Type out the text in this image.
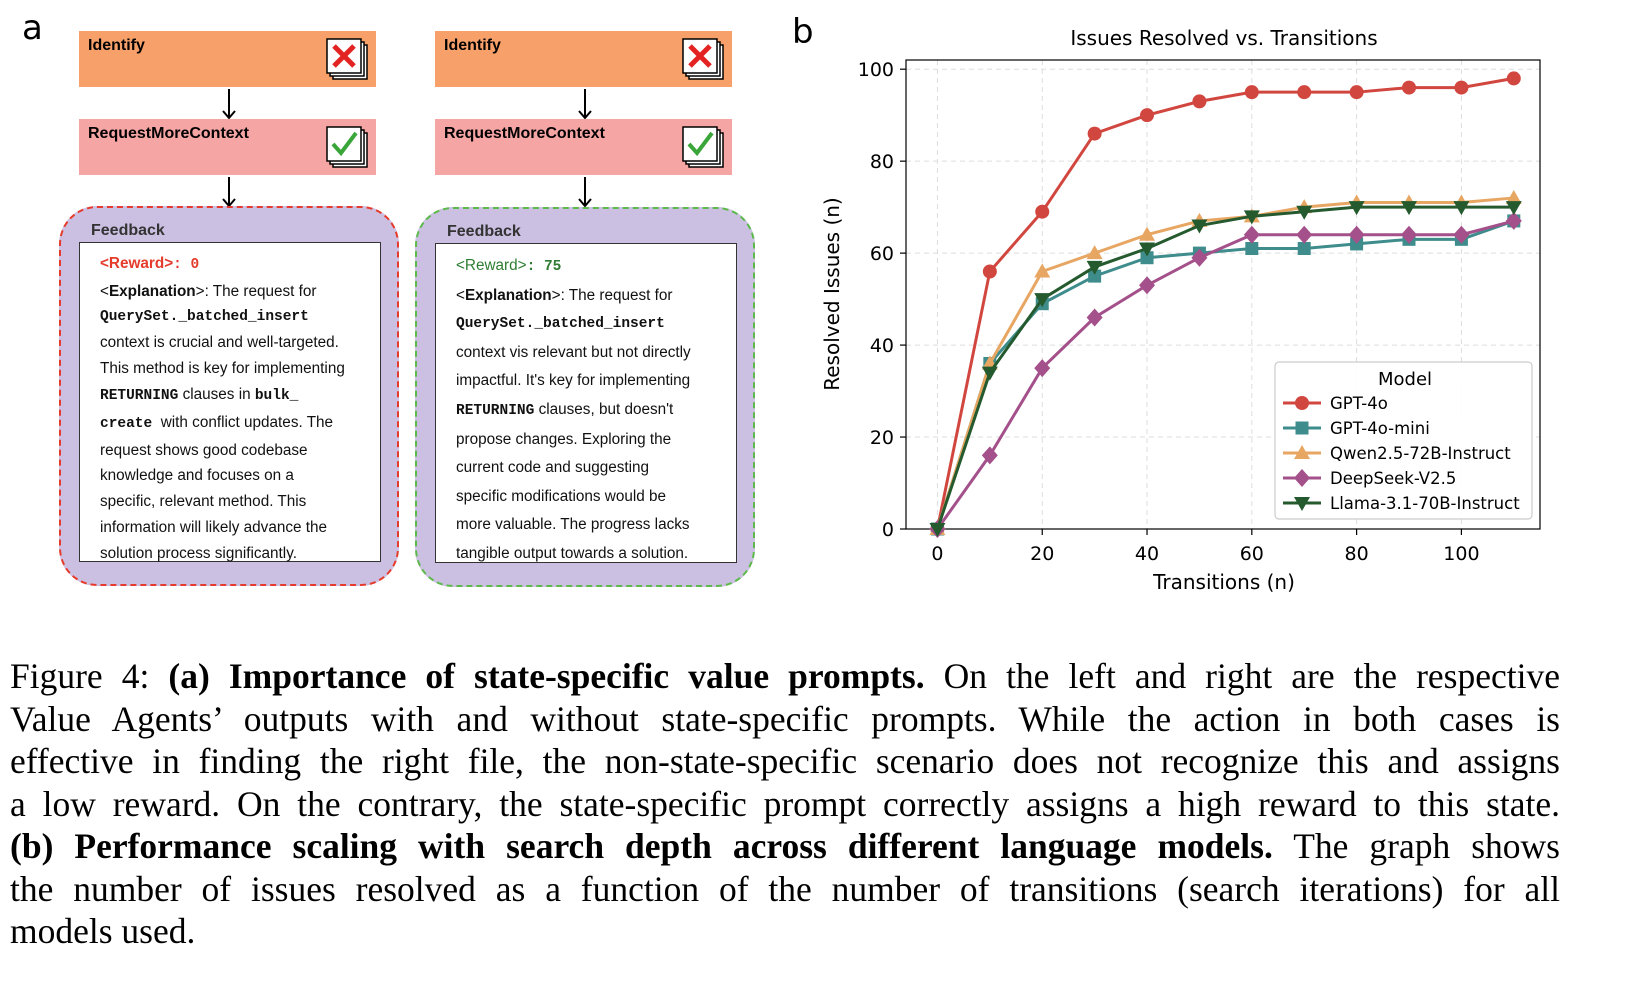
a	Identify
RequestMoreContext
Feedback
<Reward>: 0
<Explanation>: The request for
QuerySet._batched_insert
context is crucial and well-targeted.
This method is key for implementing
RETURNING clauses in bulk_
create  with conflict updates. The
request shows good codebase
knowledge and focuses on a
specific, relevant method. This
information will likely advance the
solution process significantly.
Identify
RequestMoreContext
Feedback
<Reward>: 75
<Explanation>: The request for
QuerySet._batched_insert
context vis relevant but not directly
impactful. It's key for implementing
RETURNING clauses, but doesn't
propose changes. Exploring the
current code and suggesting
specific modifications would be
more valuable. The progress lacks
tangible output towards a solution.
b	Issues Resolved vs. Transitions
0	20	40	60	80	100
0
20
40
60
80
100
Transitions (n)
Resolved Issues (n)	Model
GPT-4o
GPT-4o-mini
Qwen2.5-72B-Instruct
DeepSeek-V2.5
Llama-3.1-70B-Instruct
Figure 4: (a) Importance of state-specific value prompts. On the left and right are the respective
Value Agents’ outputs with and without state-specific prompts. While the action in both cases is
effective in finding the right file, the non-state-specific scenario does not recognize this and assigns
a low reward. On the contrary, the state-specific prompt correctly assigns a high reward to this state.
(b) Performance scaling with search depth across different language models. The graph shows
the number of issues resolved as a function of the number of transitions (search iterations) for all
models used.
